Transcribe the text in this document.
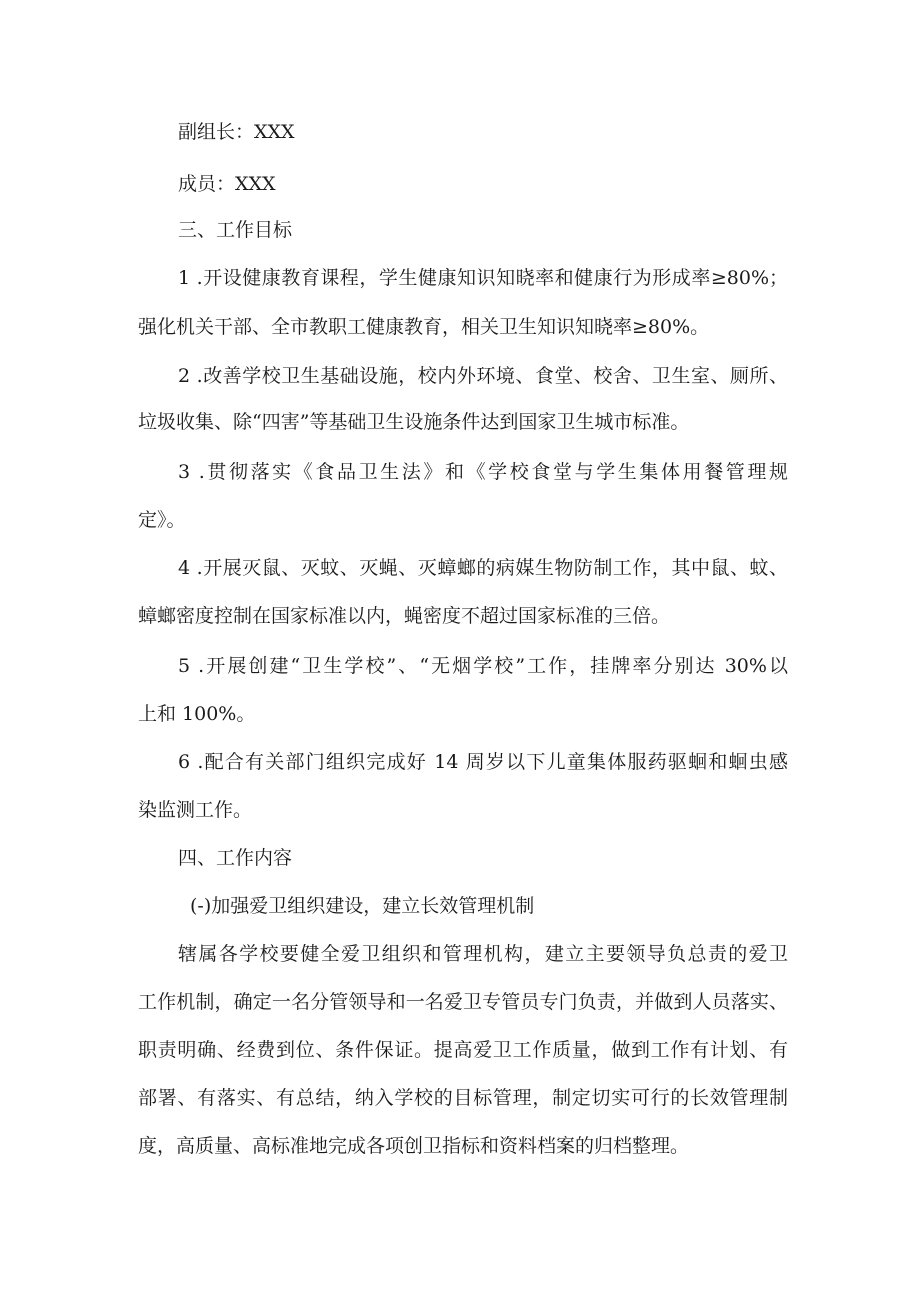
副组长：XXX
成员：XXX
三、工作目标
1 .开设健康教育课程，学生健康知识知晓率和健康行为形成率≥80%；
强化机关干部、全市教职工健康教育，相关卫生知识知晓率≥80%。
2 .改善学校卫生基础设施，校内外环境、食堂、校舍、卫生室、厕所、
垃圾收集、除“四害”等基础卫生设施条件达到国家卫生城市标准。
3 .贯彻落实《食品卫生法》和《学校食堂与学生集体用餐管理规
定》。
4 .开展灭鼠、灭蚊、灭蝇、灭蟑螂的病媒生物防制工作，其中鼠、蚊、
蟑螂密度控制在国家标准以内，蝇密度不超过国家标准的三倍。
5 .开展创建“卫生学校”、“无烟学校”工作，挂牌率分别达 30%以
上和 100%。
6 .配合有关部门组织完成好 14 周岁以下儿童集体服药驱蛔和蛔虫感
染监测工作。
四、工作内容
(-)加强爱卫组织建设，建立长效管理机制
辖属各学校要健全爱卫组织和管理机构，建立主要领导负总责的爱卫
工作机制，确定一名分管领导和一名爱卫专管员专门负责，并做到人员落实、
职责明确、经费到位、条件保证。提高爱卫工作质量，做到工作有计划、有
部署、有落实、有总结，纳入学校的目标管理，制定切实可行的长效管理制
度，高质量、高标准地完成各项创卫指标和资料档案的归档整理。
